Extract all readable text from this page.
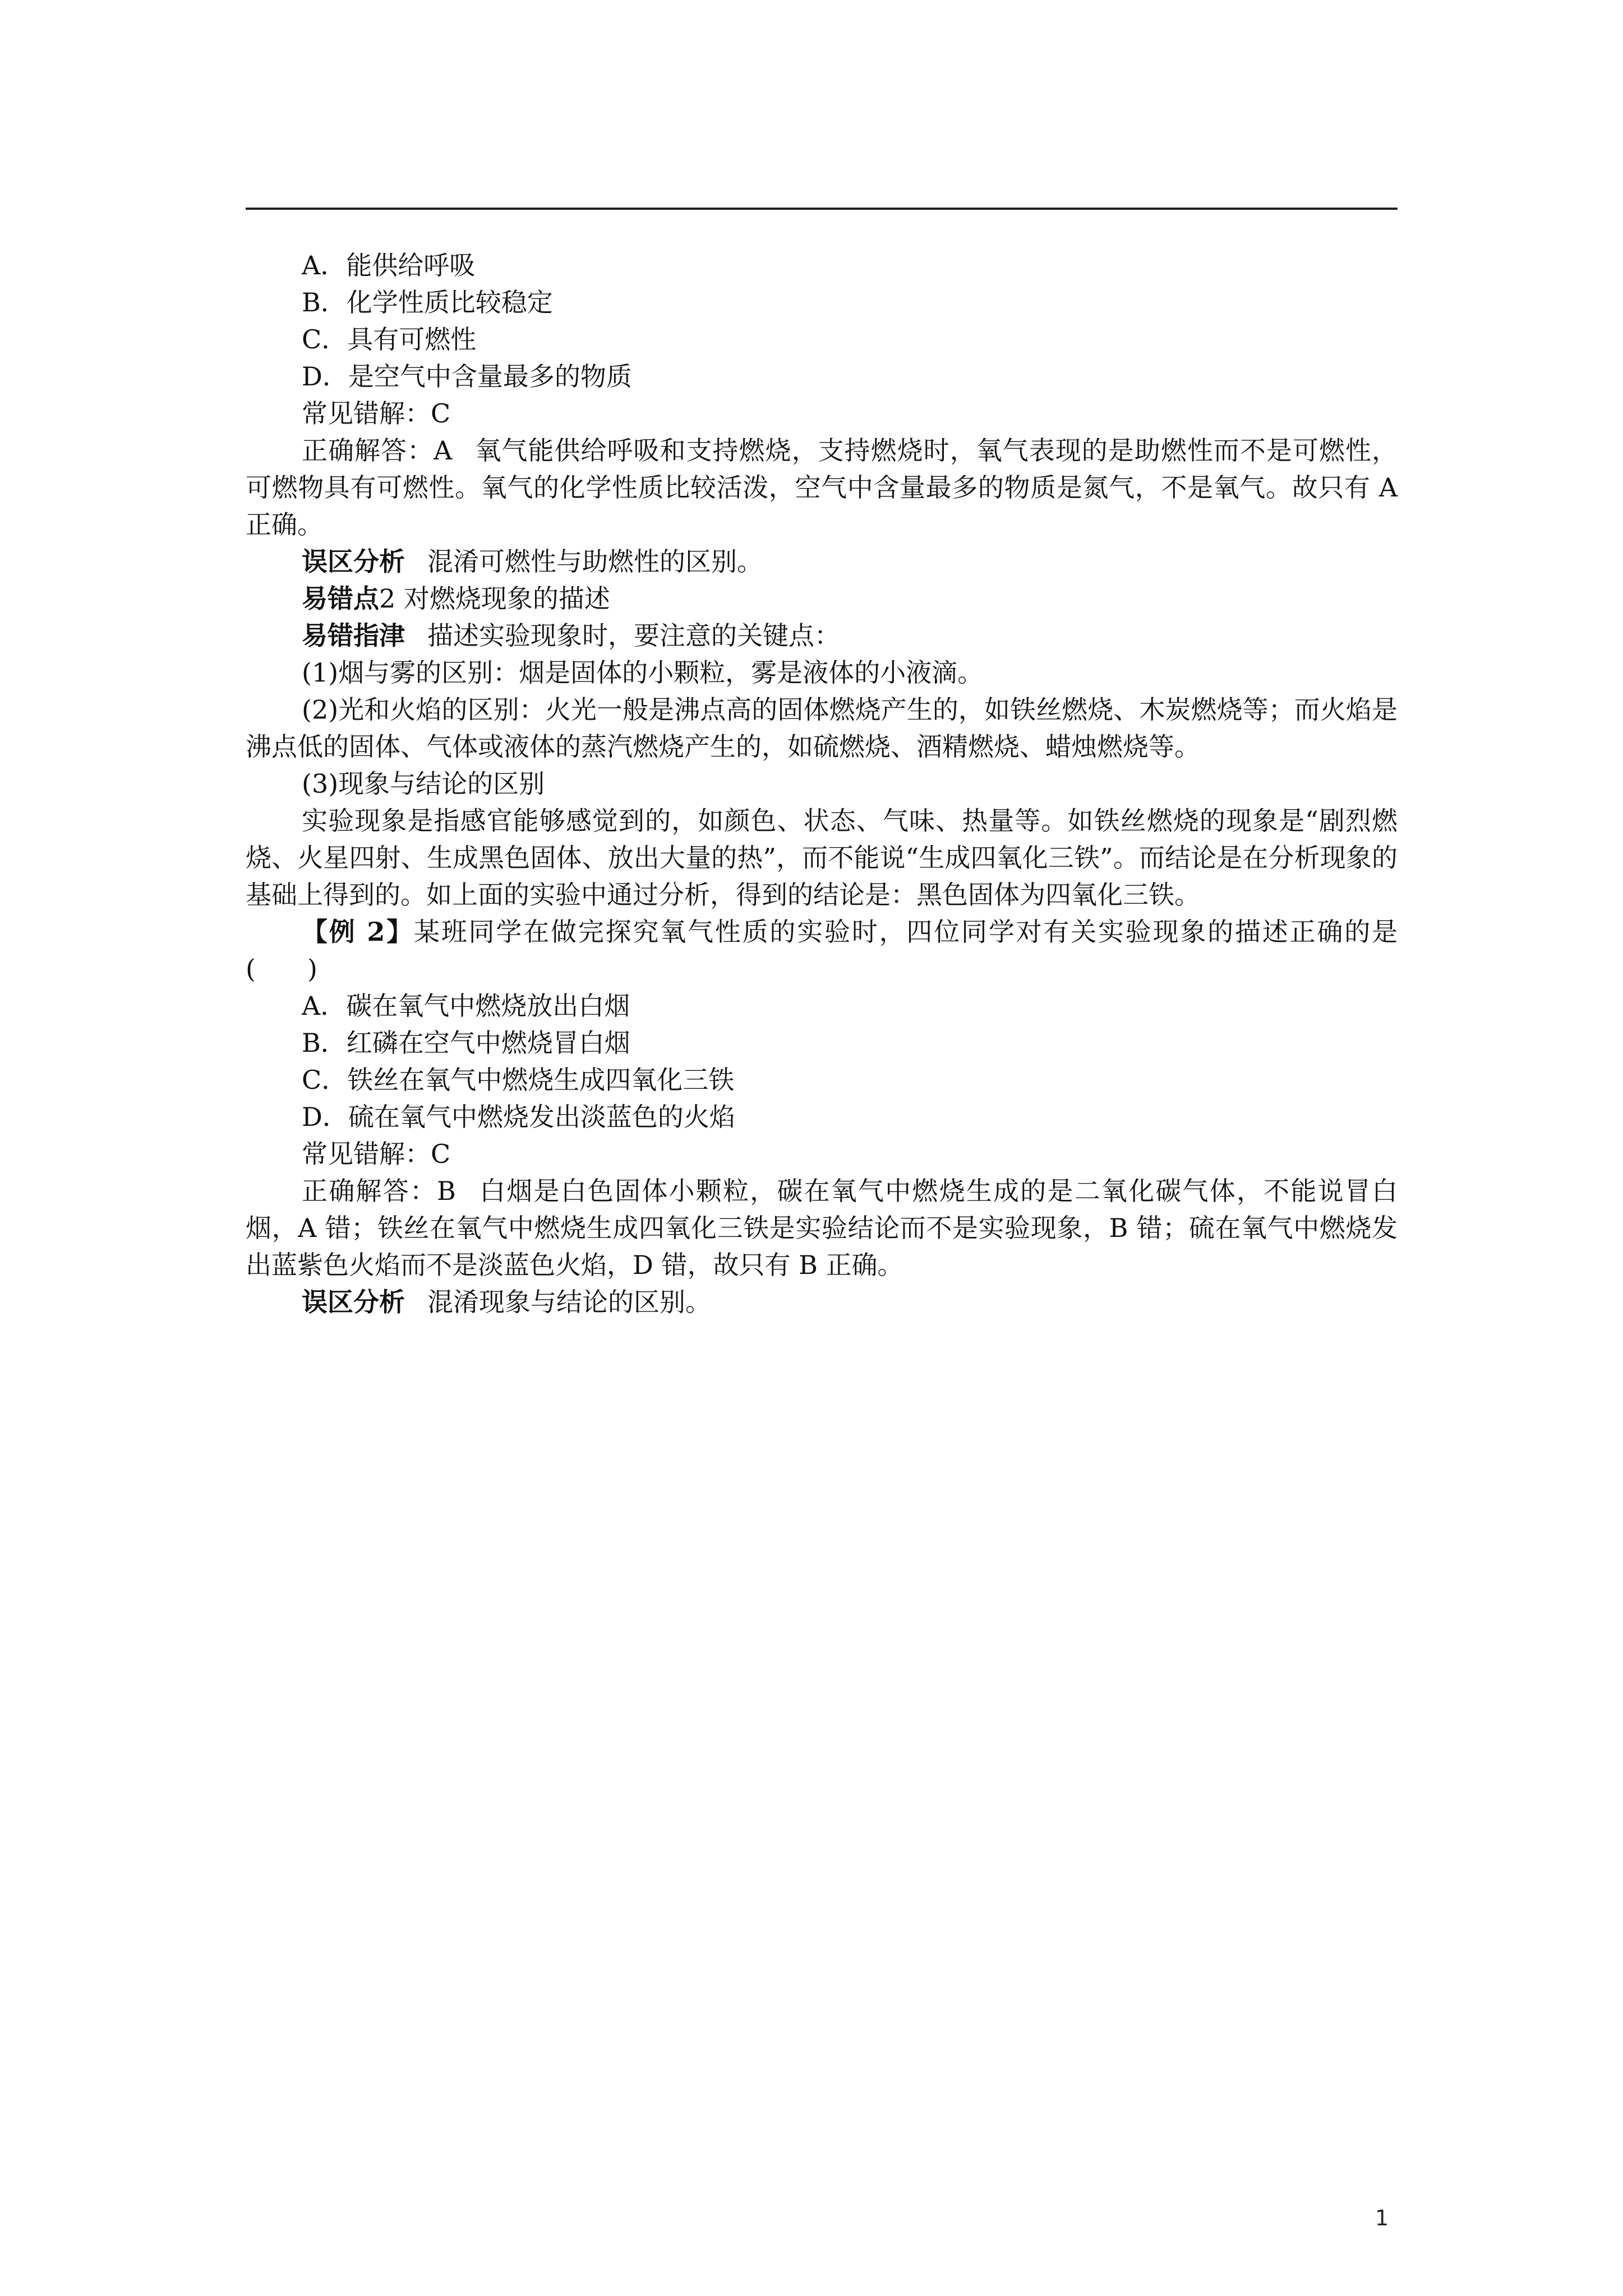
A．能供给呼吸
B．化学性质比较稳定
C．具有可燃性
D．是空气中含量最多的物质
常见错解：C
正确解答：A 氧气能供给呼吸和支持燃烧，支持燃烧时，氧气表现的是助燃性而不是可燃性，可燃物具有可燃性。氧气的化学性质比较活泼，空气中含量最多的物质是氮气，不是氧气。故只有 A 正确。
误区分析 混淆可燃性与助燃性的区别。
易错点2 对燃烧现象的描述
易错指津 描述实验现象时，要注意的关键点：
(1)烟与雾的区别：烟是固体的小颗粒，雾是液体的小液滴。
(2)光和火焰的区别：火光一般是沸点高的固体燃烧产生的，如铁丝燃烧、木炭燃烧等；而火焰是沸点低的固体、气体或液体的蒸汽燃烧产生的，如硫燃烧、酒精燃烧、蜡烛燃烧等。
(3)现象与结论的区别
实验现象是指感官能够感觉到的，如颜色、状态、气味、热量等。如铁丝燃烧的现象是“剧烈燃烧、火星四射、生成黑色固体、放出大量的热”，而不能说“生成四氧化三铁”。而结论是在分析现象的基础上得到的。如上面的实验中通过分析，得到的结论是：黑色固体为四氧化三铁。
【例 2】某班同学在做完探究氧气性质的实验时，四位同学对有关实验现象的描述正确的是(　　)
A．碳在氧气中燃烧放出白烟
B．红磷在空气中燃烧冒白烟
C．铁丝在氧气中燃烧生成四氧化三铁
D．硫在氧气中燃烧发出淡蓝色的火焰
常见错解：C
正确解答：B 白烟是白色固体小颗粒，碳在氧气中燃烧生成的是二氧化碳气体，不能说冒白烟，A 错；铁丝在氧气中燃烧生成四氧化三铁是实验结论而不是实验现象，B 错；硫在氧气中燃烧发出蓝紫色火焰而不是淡蓝色火焰，D 错，故只有 B 正确。
误区分析 混淆现象与结论的区别。
1
